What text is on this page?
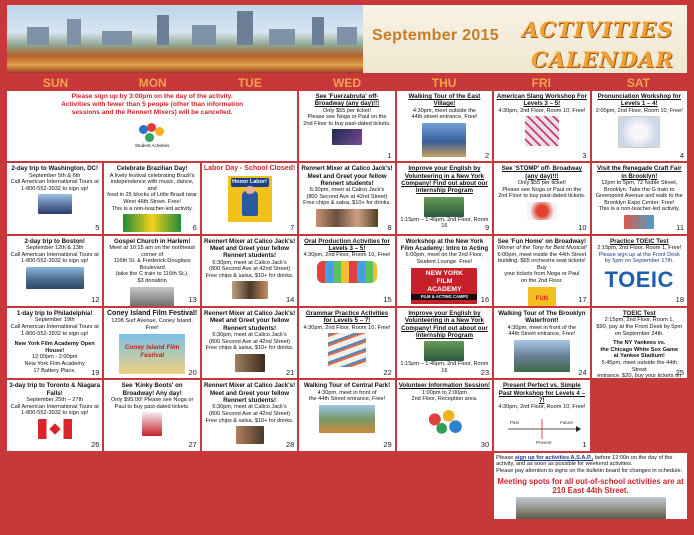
September 2015 ACTIVITIES
CALENDAR
SUN	MON	TUE	WED	THU	FRI	SAT
Please sign up by 3:00pm on the day of the activity.
Activities with fewer than 5 people (other than information
sessions and the Rennert Mixers) will be cancelled.
Student Activities
See 'Fuerzabruta' off-Broadway (any day)!!!
Only $55 per ticket!
Please see Noga or Paul on the
2nd Floor to buy past-dated tickets.
1
Walking Tour of the East Village!
4:30pm, meet outside the
44th street entrance, Free!
2
American Slang Workshop For Levels 3 – 5!
4:30pm, 2nd Floor, Room 10, Free!
3
Pronunciation Workshop for Levels 1 – 4!
2:00pm, 2nd Floor, Room 10, Free!
4
2-day trip to Washington, DC!
September 5th & 6th
Call American International Tours at
1-800-552-3932 to sign up!
5
Celebrate Brazilian Day!
A lively festival celebrating Brazil's
independence with music, dance, and
food in 25 blocks of Little Brazil near
West 46th Street. Free!
This is a non-teacher-led activity.
6
Labor Day - School Closed!
Honor Labor!
7
Rennert Mixer at Calico Jack's! Meet and Greet your fellow Rennert students!
6:30pm, meet at Calico Jack's
(800 Second Ave at 42nd Street)
Free chips & salsa, $10+ for drinks.
8
Improve your English by Volunteering in a New York Company! Find out about our Internship Program
1:15pm – 1:45pm, 2nd Floor, Room 16	9
See 'STOMP' off- Broadway (any day)!!!
Only $55 per ticket!
Please see Noga or Paul on the
2nd Floor to buy past-dated tickets.
10
Visit the Renegade Craft Fair in Brooklyn!
12pm to 5pm, 72 Noble Street,
Brooklyn. Take the G train to
Greenpoint Avenue and walk to the
Brooklyn Expo Center. Free!
This is a non-teacher-led activity.
11
2-day trip to Boston!
September 12th & 13th
Call American International Tours at
1-800-552-3932 to sign up!
12
Gospel Church in Harlem!
Meet at 10:15 am on the northeast corner of
116th St. & Frederick Douglass Boulevard
(take the C train to 116th St.).
$3 donation
13
Rennert Mixer at Calico Jack's! Meet and Greet your fellow Rennert students!
6:30pm, meet at Calico Jack's
(800 Second Ave at 42nd Street)
Free chips & salsa, $10+ for drinks.
14
Oral Production Activities for Levels 3 – 5!
4:30pm, 2nd Floor, Room 10, Free!
15
Workshop at the New York Film Academy: Intro to Acting
6:00pm, meet on the 2nd Floor,
Student Lounge. Free!
NEW YORK
FILM
ACADEMY
FILM & ACTING CAMPS	16
See 'Fun Home' on Broadway!
Winner of the Tony for Best Musical!
6:00pm, meet inside the 44th Street
building. $65 orchestra seat tickets! Buy
your tickets from Noga or Paul
on the 2nd Floor.
FUN	17
Practice TOEIC Test
2:15pm, 2nd Floor, Room 1, Free!
Please sign up at the Front Desk
by 5pm on September 17th.
TOEIC
18
1-day trip to Philadelphia!
September 19th
Call American International Tours at
1-800-552-3932 to sign up!
New York Film Academy Open House!
12:00pm - 2:00pm
New York Film Academy
17 Battery Place.	19
Coney Island Film Festival!
1208 Surf Avenue, Coney Island. Free!
Coney Island Film Festival
20
Rennert Mixer at Calico Jack's! Meet and Greet your fellow Rennert students!
6:30pm, meet at Calico Jack's
(800 Second Ave at 42nd Street)
Free chips & salsa, $10+ for drinks.
21
Grammar Practice Activities for Levels 5 – 7!
4:30pm, 2nd Floor, Room 10, Free!
22
Improve your English by Volunteering in a New York Company! Find out about our Internship Program
1:15pm – 1:45pm, 2nd Floor, Room 16	23
Walking Tour of The Brooklyn Waterfront!
4:30pm, meet in front of the
44th Street entrance, Free!
24
TOEIC Test
2:15pm, 2nd Floor, Room 1,
$90, pay at the Front Desk by 5pm
on September 24th.
The NY Yankees vs.
the Chicago White Sox Game
at Yankee Stadium!
5:45pm, meet outside the 44th Street
entrance. $20, buy your tickets on
25
3-day trip to Toronto & Niagara Falls!
September 25th – 27th
Call American International Tours at
1-800-552-3932 to sign up!
26
See 'Kinky Boots' on Broadway! Any day!
Only $95.00! Please see Noga or
Paul to buy past-dated tickets.
27
Rennert Mixer at Calico Jack's! Meet and Greet your fellow Rennert students!
6:30pm, meet at Calico Jack's
(800 Second Ave at 42nd Street)
Free chips & salsa, $10+ for drinks.
28
Walking Tour of Central Park!
4:30pm, meet in front of
the 44th Street entrance, Free!
29
Volunteer Information Session!
1:00pm to 2:00pm
2nd Floor, Reception area.
30
Present Perfect vs. Simple Past Workshop for Levels 4 – 7!
4:30pm, 2nd Floor, Room 10, Free!
Past
Present
Future
1
Please sign up for activities A.S.A.P., before 12:00n on the day of the activity, and as soon as possible for weekend activities.
Please pay attention to signs on the bulletin board for changes in schedule.
Meeting spots for all out-of-school activities are at 210 East 44th Street.
